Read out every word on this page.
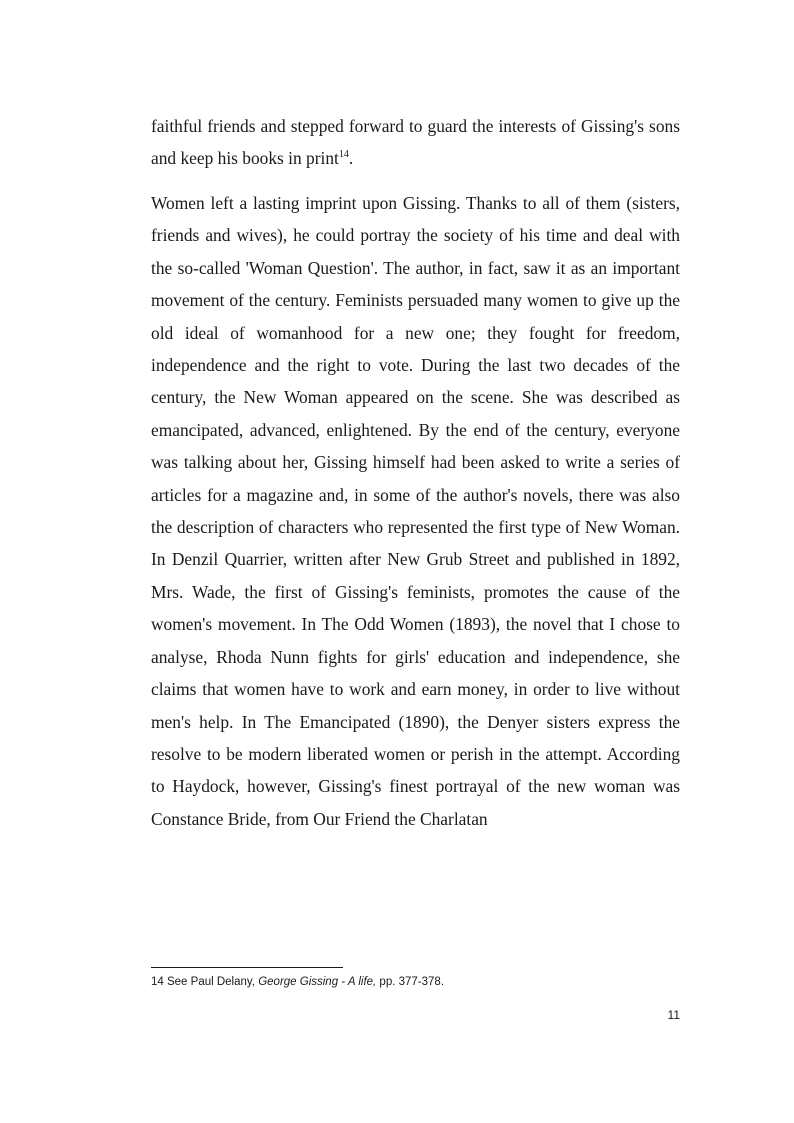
faithful friends and stepped forward to guard the interests of Gissing's sons and keep his books in print$^{14}$.

Women left a lasting imprint upon Gissing. Thanks to all of them (sisters, friends and wives), he could portray the society of his time and deal with the so-called 'Woman Question'. The author, in fact, saw it as an important movement of the century. Feminists persuaded many women to give up the old ideal of womanhood for a new one; they fought for freedom, independence and the right to vote. During the last two decades of the century, the New Woman appeared on the scene. She was described as emancipated, advanced, enlightened. By the end of the century, everyone was talking about her, Gissing himself had been asked to write a series of articles for a magazine and, in some of the author's novels, there was also the description of characters who represented the first type of New Woman. In Denzil Quarrier, written after New Grub Street and published in 1892, Mrs. Wade, the first of Gissing's feminists, promotes the cause of the women's movement. In The Odd Women (1893), the novel that I chose to analyse, Rhoda Nunn fights for girls' education and independence, she claims that women have to work and earn money, in order to live without men's help. In The Emancipated (1890), the Denyer sisters express the resolve to be modern liberated women or perish in the attempt. According to Haydock, however, Gissing's finest portrayal of the new woman was Constance Bride, from Our Friend the Charlatan

14 See Paul Delany, George Gissing - A life, pp. 377-378.
11
